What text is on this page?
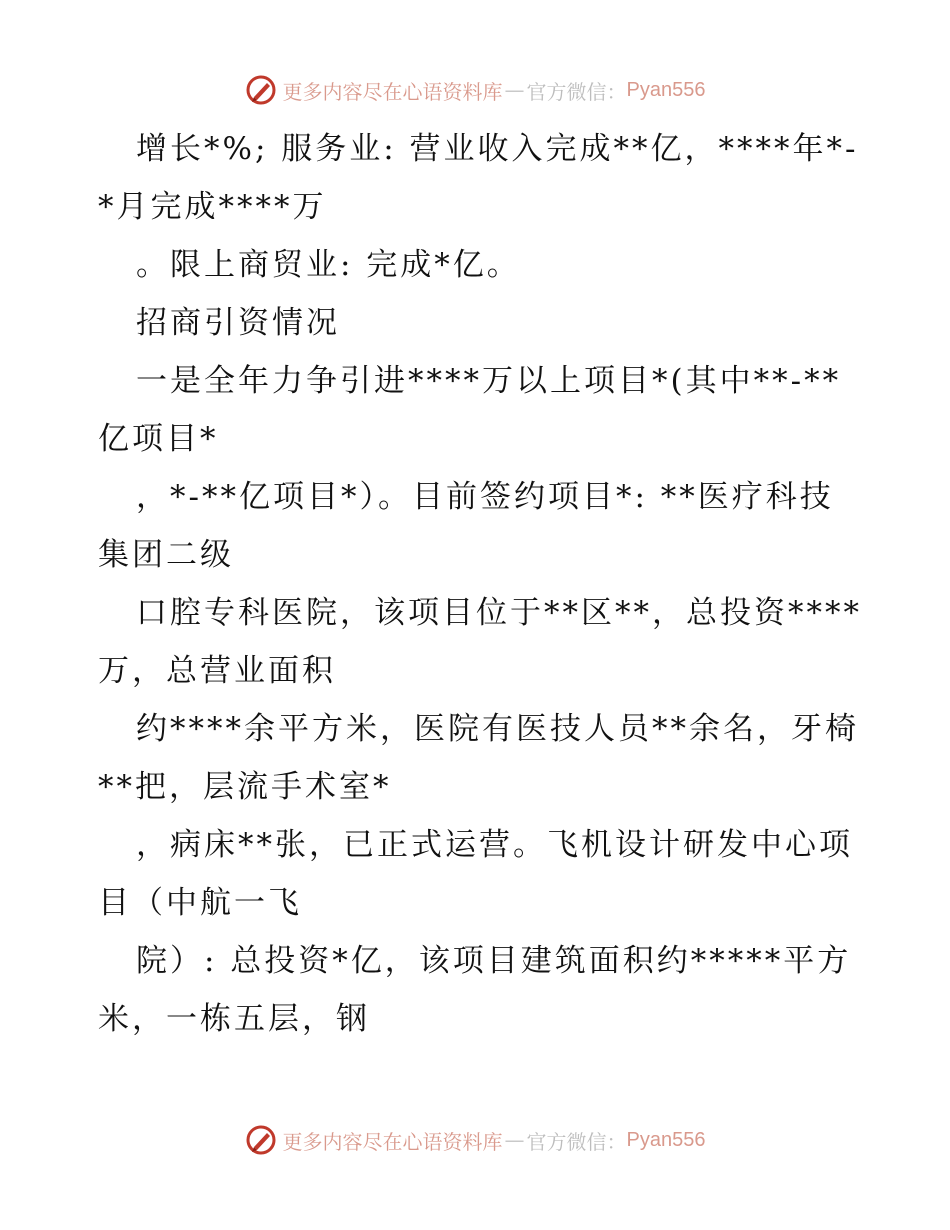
更多内容尽在心语资料库 — 官方微信： Pyan556
增长*%; 服务业: 营业收入完成**亿，****年*-
*月完成****万
。限上商贸业: 完成*亿。
招商引资情况
一是全年力争引进****万以上项目*(其中**-**
亿项目*
，*-**亿项目*）。目前签约项目*: **医疗科技
集团二级
口腔专科医院，该项目位于**区**，总投资****
万，总营业面积
约****余平方米，医院有医技人员**余名，牙椅
**把，层流手术室*
，病床**张，已正式运营。飞机设计研发中心项
目（中航一飞
院）: 总投资*亿，该项目建筑面积约*****平方
米，一栋五层，钢
更多内容尽在心语资料库 — 官方微信： Pyan556
